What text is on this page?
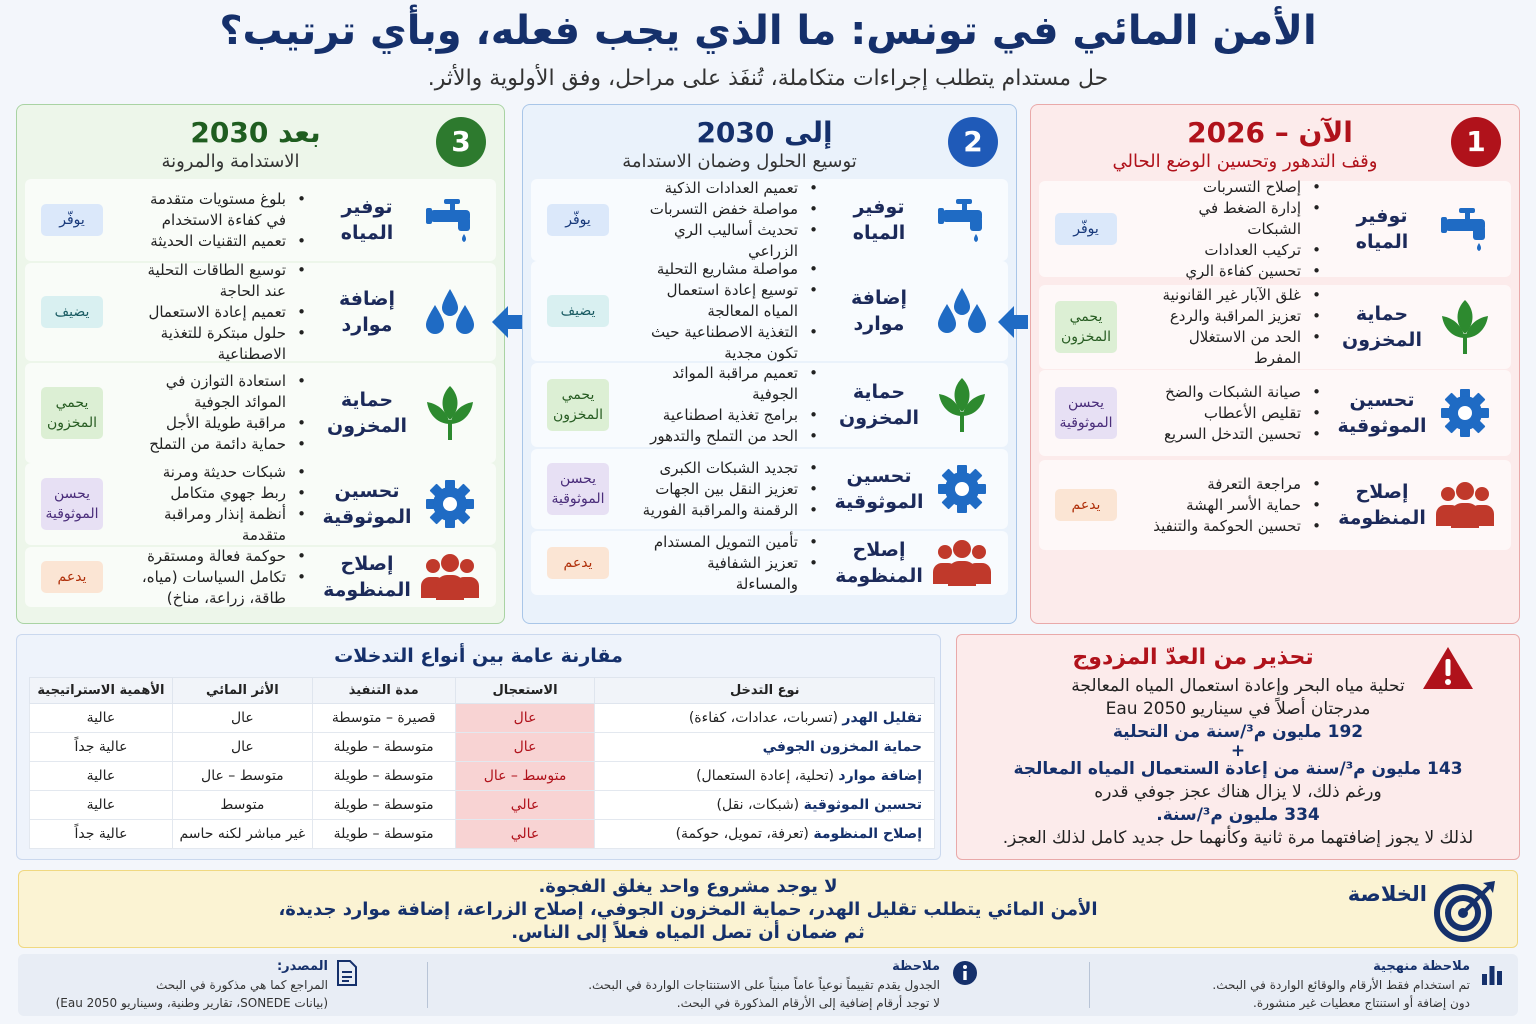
الأمن المائي في تونس: ما الذي يجب فعله، وبأي ترتيب؟
حل مستدام يتطلب إجراءات متكاملة، تُنفَذ على مراحل، وفق الأولوية والأثر.
1
الآن – 2026
وقف التدهور وتحسين الوضع الحالي
توفير المياه
• إصلاح التسربات
• إدارة الضغط في الشبكات
• تركيب العدادات
• تحسين كفاءة الري
يوفّر
حماية المخزون
• غلق الآبار غير القانونية
• تعزيز المراقبة والردع
• الحد من الاستغلال المفرط
يحمي المخزون
تحسين الموثوقية
• صيانة الشبكات والضخ
• تقليص الأعطاب
• تحسين التدخل السريع
يحسن الموثوقية
إصلاح المنظومة
• مراجعة التعرفة
• حماية الأسر الهشة
• تحسين الحوكمة والتنفيذ
يدعم
2
إلى 2030
توسيع الحلول وضمان الاستدامة
توفير المياه
• تعميم العدادات الذكية
• مواصلة خفض التسربات
• تحديث أساليب الري الزراعي
يوفّر
إضافة موارد
• مواصلة مشاريع التحلية
• توسيع إعادة استعمال المياه المعالجة
• التغذية الاصطناعية حيث تكون مجدية
يضيف
حماية المخزون
• تعميم مراقبة الموائد الجوفية
• برامج تغذية اصطناعية
• الحد من التملح والتدهور
يحمي المخزون
تحسين الموثوقية
• تجديد الشبكات الكبرى
• تعزيز النقل بين الجهات
• الرقمنة والمراقبة الفورية
يحسن الموثوقية
إصلاح المنظومة
• تأمين التمويل المستدام
• تعزيز الشفافية والمساءلة
يدعم
3
بعد 2030
الاستدامة والمرونة
توفير المياه
• بلوغ مستويات متقدمة في كفاءة الاستخدام
• تعميم التقنيات الحديثة
يوفّر
إضافة موارد
• توسيع الطاقات التحلية عند الحاجة
• تعميم إعادة الاستعمال
• حلول مبتكرة للتغذية الاصطناعية
يضيف
حماية المخزون
• استعادة التوازن في الموائد الجوفية
• مراقبة طويلة الأجل
• حماية دائمة من التملح
يحمي المخزون
تحسين الموثوقية
• شبكات حديثة ومرنة
• ربط جهوي متكامل
• أنظمة إنذار ومراقبة متقدمة
يحسن الموثوقية
إصلاح المنظومة
• حوكمة فعالة ومستقرة
• تكامل السياسات (مياه، طاقة، زراعة، مناخ)
يدعم
مقارنة عامة بين أنواع التدخلات
نوع التدخل	الاستعجال	مدة التنفيذ	الأثر المائي	الأهمية الاستراتيجية
تقليل الهدر (تسربات، عدادات، كفاءة)	عال	قصيرة – متوسطة	عال	عالية
حماية المخزون الجوفي	عال	متوسطة – طويلة	عال	عالية جداً
إضافة موارد (تحلية، إعادة الستعمال)	متوسط – عال	متوسطة – طويلة	متوسط – عال	عالية
تحسين الموثوقية (شبكات، نقل)	عالي	متوسطة – طويلة	متوسط	عالية
إصلاح المنظومة (تعرفة، تمويل، حوكمة)	عالي	متوسطة – طويلة	غير مباشر لكنه حاسم	عالية جداً
تحذير من العدّ المزدوج
تحلية مياه البحر وإعادة استعمال المياه المعالجة
مدرجتان أصلاً في سيناريو Eau 2050
192 مليون م³/سنة من التحلية
+
143 مليون م³/سنة من إعادة الستعمال المياه المعالجة
ورغم ذلك، لا يزال هناك عجز جوفي قدره
334 مليون م³/سنة.
لذلك لا يجوز إضافتهما مرة ثانية وكأنهما حل جديد كامل لذلك العجز.
الخلاصة
لا يوجد مشروع واحد يغلق الفجوة.
الأمن المائي يتطلب تقليل الهدر، حماية المخزون الجوفي، إصلاح الزراعة، إضافة موارد جديدة،
ثم ضمان أن تصل المياه فعلاً إلى الناس.
ملاحظة منهجية
تم استخدام فقط الأرقام والوقائع الواردة في البحث.
دون إضافة أو استنتاج معطيات غير منشورة.
ملاحظة
الجدول يقدم تقييماً نوعياً عاماً مبنياً على الاستنتاجات الواردة في البحث.
لا توجد أرقام إضافية إلى الأرقام المذكورة في البحث.
المصدر:
المراجع كما هي مذكورة في البحث
(بيانات SONEDE، تقارير وطنية، وسيناريو Eau 2050)
